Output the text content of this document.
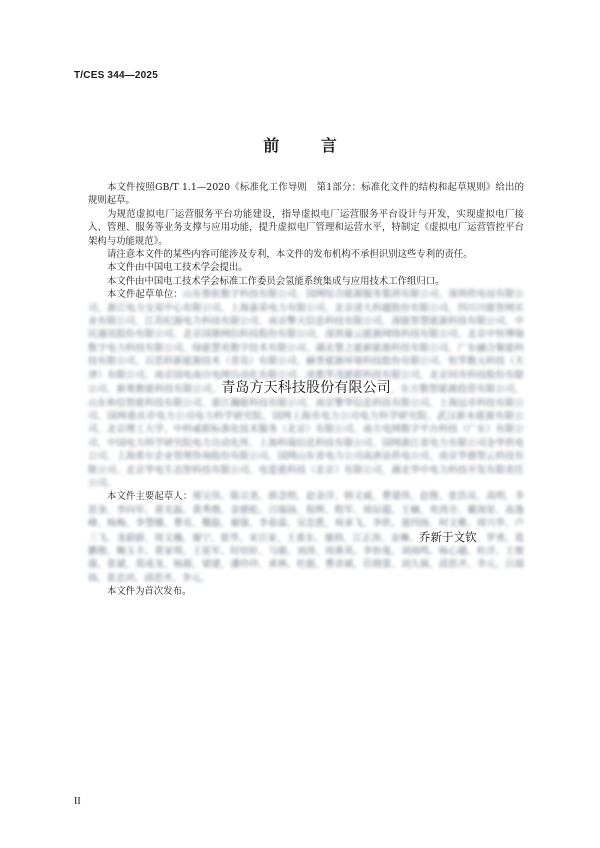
T/CES 344—2025
前 言

本文件按照GB/T 1.1—2020《标准化工作导则　第1部分：标准化文件的结构和起草规则》给出的规则起草。

为规范虚拟电厂运营服务平台功能建设，指导虚拟电厂运营服务平台设计与开发，实现虚拟电厂接入、管理、服务等业务支撑与应用功能，提升虚拟电厂管理和运营水平，特制定《虚拟电厂运营管控平台架构与功能规范》。

请注意本文件的某些内容可能涉及专利，本文件的发布机构不承担识别这些专利的责任。

本文件由中国电工技术学会提出。

本文件由中国电工技术学会标准工作委员会氢能系统集成与应用技术工作组归口。

本文件起草单位：山东鲁软数字科技有限公司、国网综合能源服务集团有限公司、深圳供电局有限公司、浙江电力交易中心有限公司、上海嘉荣电力有限公司、北京清大科越股份有限公司、四川川能智网实业有限公司、江苏纪源电力科技有限公司、南京擎天信息科技有限公司、深能智慧能源科技有限公司、中民通讯股份有限公司、北京国鼎网信科技股份有限公司、深圳量云能源网络科技有限公司、北京中恒博瑞数字电力科技有限公司、绿能慧充数字技术有限公司、湖北楚之能新能源科技有限公司、广东融合聚能科技有限公司、百思科新能源技术（青岛）有限公司、赫普能源环境科技股份有限公司、恒华数元科技（天津）有限公司、南京国电南自电网自动化有限公司、成都华茂能联科技有限公司、北京同舟科技股份有限公司、新奥数能科技有限公司、青岛方天科技股份有限公司、东方数智能源投资有限公司、山东和信智能科技有限公司、浙江瀚能科技有限公司、南京擎华信息科技有限公司、上海远卓科技有限公司、国网重庆市电力公司电力科学研究院、国网上海市电力公司电力科学研究院、武汉新未能源有限公司、北京理工大学、中科威联标准化技术服务（北京）有限公司、南方电网数字平台科技（广东）有限公司、中国电力科学研究院电力自动化所、上海科瑞信息科技有限公司、国网浙江省电力有限公司金华供电公司、上海希尔企业管理咨询股份有限公司、国网山东省电力公司高唐县供电公司、南京华德智云科技有限公司、北京华电生态智科技有限公司、电爱惠科技（北京）有限公司、湖北华中电力科技开发有限责任公司。

本文件主要起草人：邢宝伟、陈宗尧、薛念明、赵金洋、韩文威、曹建伟、赵俊、张浩亮、高明、李思奎、李向军、黄光磊、黄秀俊、金德松、吕瑞扬、倪辉、程军、周辰超、王楠、奕鸿全、戴现星、高逸峰、杨梅、李慧娜、曹亮、魏磊、谢强、李春霖、吴忠胜、周承飞、李欣、聂四扬、何文雅、周兴华、卢三飞、龙蔚蔚、周文瀚、谢宁、崔华、宋百家、王重东、谢润、江正涛、金琳、乔新于文钦、罗勇、葛鹏俊、鲍玉丰、黄家琪、王延军、时培轩、马骏、刘涛、周燕英、李怡曼、刘雨鸣、杨心越、杜洋、王俊强、张斌、郑成龙、杨源、梁建、潘玲玲、承林、杜挺、曹彦斌、任晓蕾、刘久展、邱思齐、李元、吕瑞扬、张忠河、邱思齐、李元。

本文件为首次发布。

II
